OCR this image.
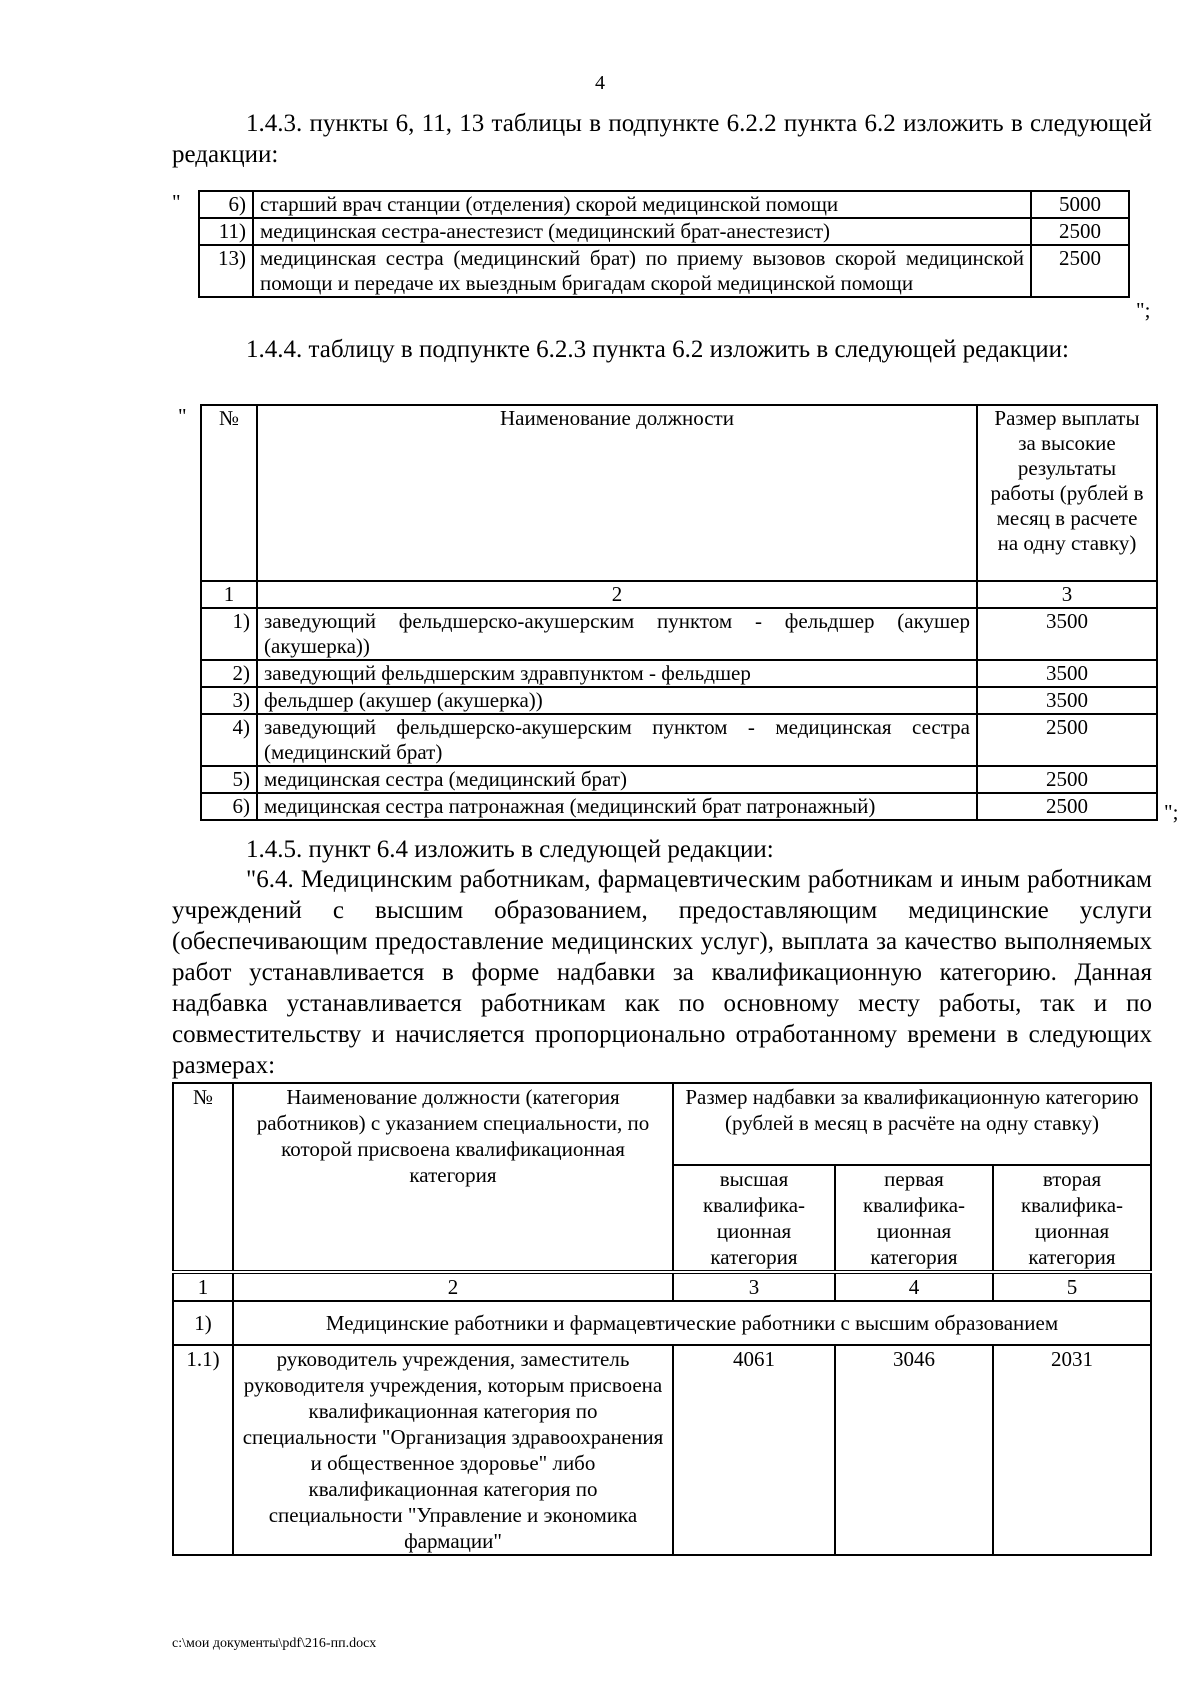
4
1.4.3. пункты 6, 11, 13 таблицы в подпункте 6.2.2 пункта 6.2 изложить в следующей редакции:
" 6)	старший врач станции (отделения) скорой медицинской помощи	5000
11)	медицинская сестра-анестезист (медицинский брат-анестезист)	2500
13)	медицинская сестра (медицинский брат) по приему вызовов скорой медицинской помощи и передаче их выездным бригадам скорой медицинской помощи	2500
";
1.4.4. таблицу в подпункте 6.2.3 пункта 6.2 изложить в следующей редакции:
" №	Наименование должности	Размер выплаты за высокие результаты работы (рублей в месяц в расчете на одну ставку)
1	2	3
1)	заведующий фельдшерско-акушерским пунктом - фельдшер (акушер (акушерка))	3500
2)	заведующий фельдшерским здравпунктом - фельдшер	3500
3)	фельдшер (акушер (акушерка))	3500
4)	заведующий фельдшерско-акушерским пунктом - медицинская сестра (медицинский брат)	2500
5)	медицинская сестра (медицинский брат)	2500
6)	медицинская сестра патронажная (медицинский брат патронажный)	2500	";
1.4.5. пункт 6.4 изложить в следующей редакции:
"6.4. Медицинским работникам, фармацевтическим работникам и иным работникам учреждений с высшим образованием, предоставляющим медицинские услуги (обеспечивающим предоставление медицинских услуг), выплата за качество выполняемых работ устанавливается в форме надбавки за квалификационную категорию. Данная надбавка устанавливается работникам как по основному месту работы, так и по совместительству и начисляется пропорционально отработанному времени в следующих размерах:
№	Наименование должности (категория работников) с указанием специальности, по которой присвоена квалификационная категория	Размер надбавки за квалификационную категорию (рублей в месяц в расчёте на одну ставку)		
		высшая квалифика-ционная категория	первая квалифика-ционная категория	вторая квалифика-ционная категория
1	2	3	4	5
1)	Медицинские работники и фармацевтические работники с высшим образованием			
1.1)	руководитель учреждения, заместитель руководителя учреждения, которым присвоена квалификационная категория по специальности "Организация здравоохранения и общественное здоровье" либо квалификационная категория по специальности "Управление и экономика фармации"	4061	3046	2031
c:\мои документы\pdf\216-пп.docx
